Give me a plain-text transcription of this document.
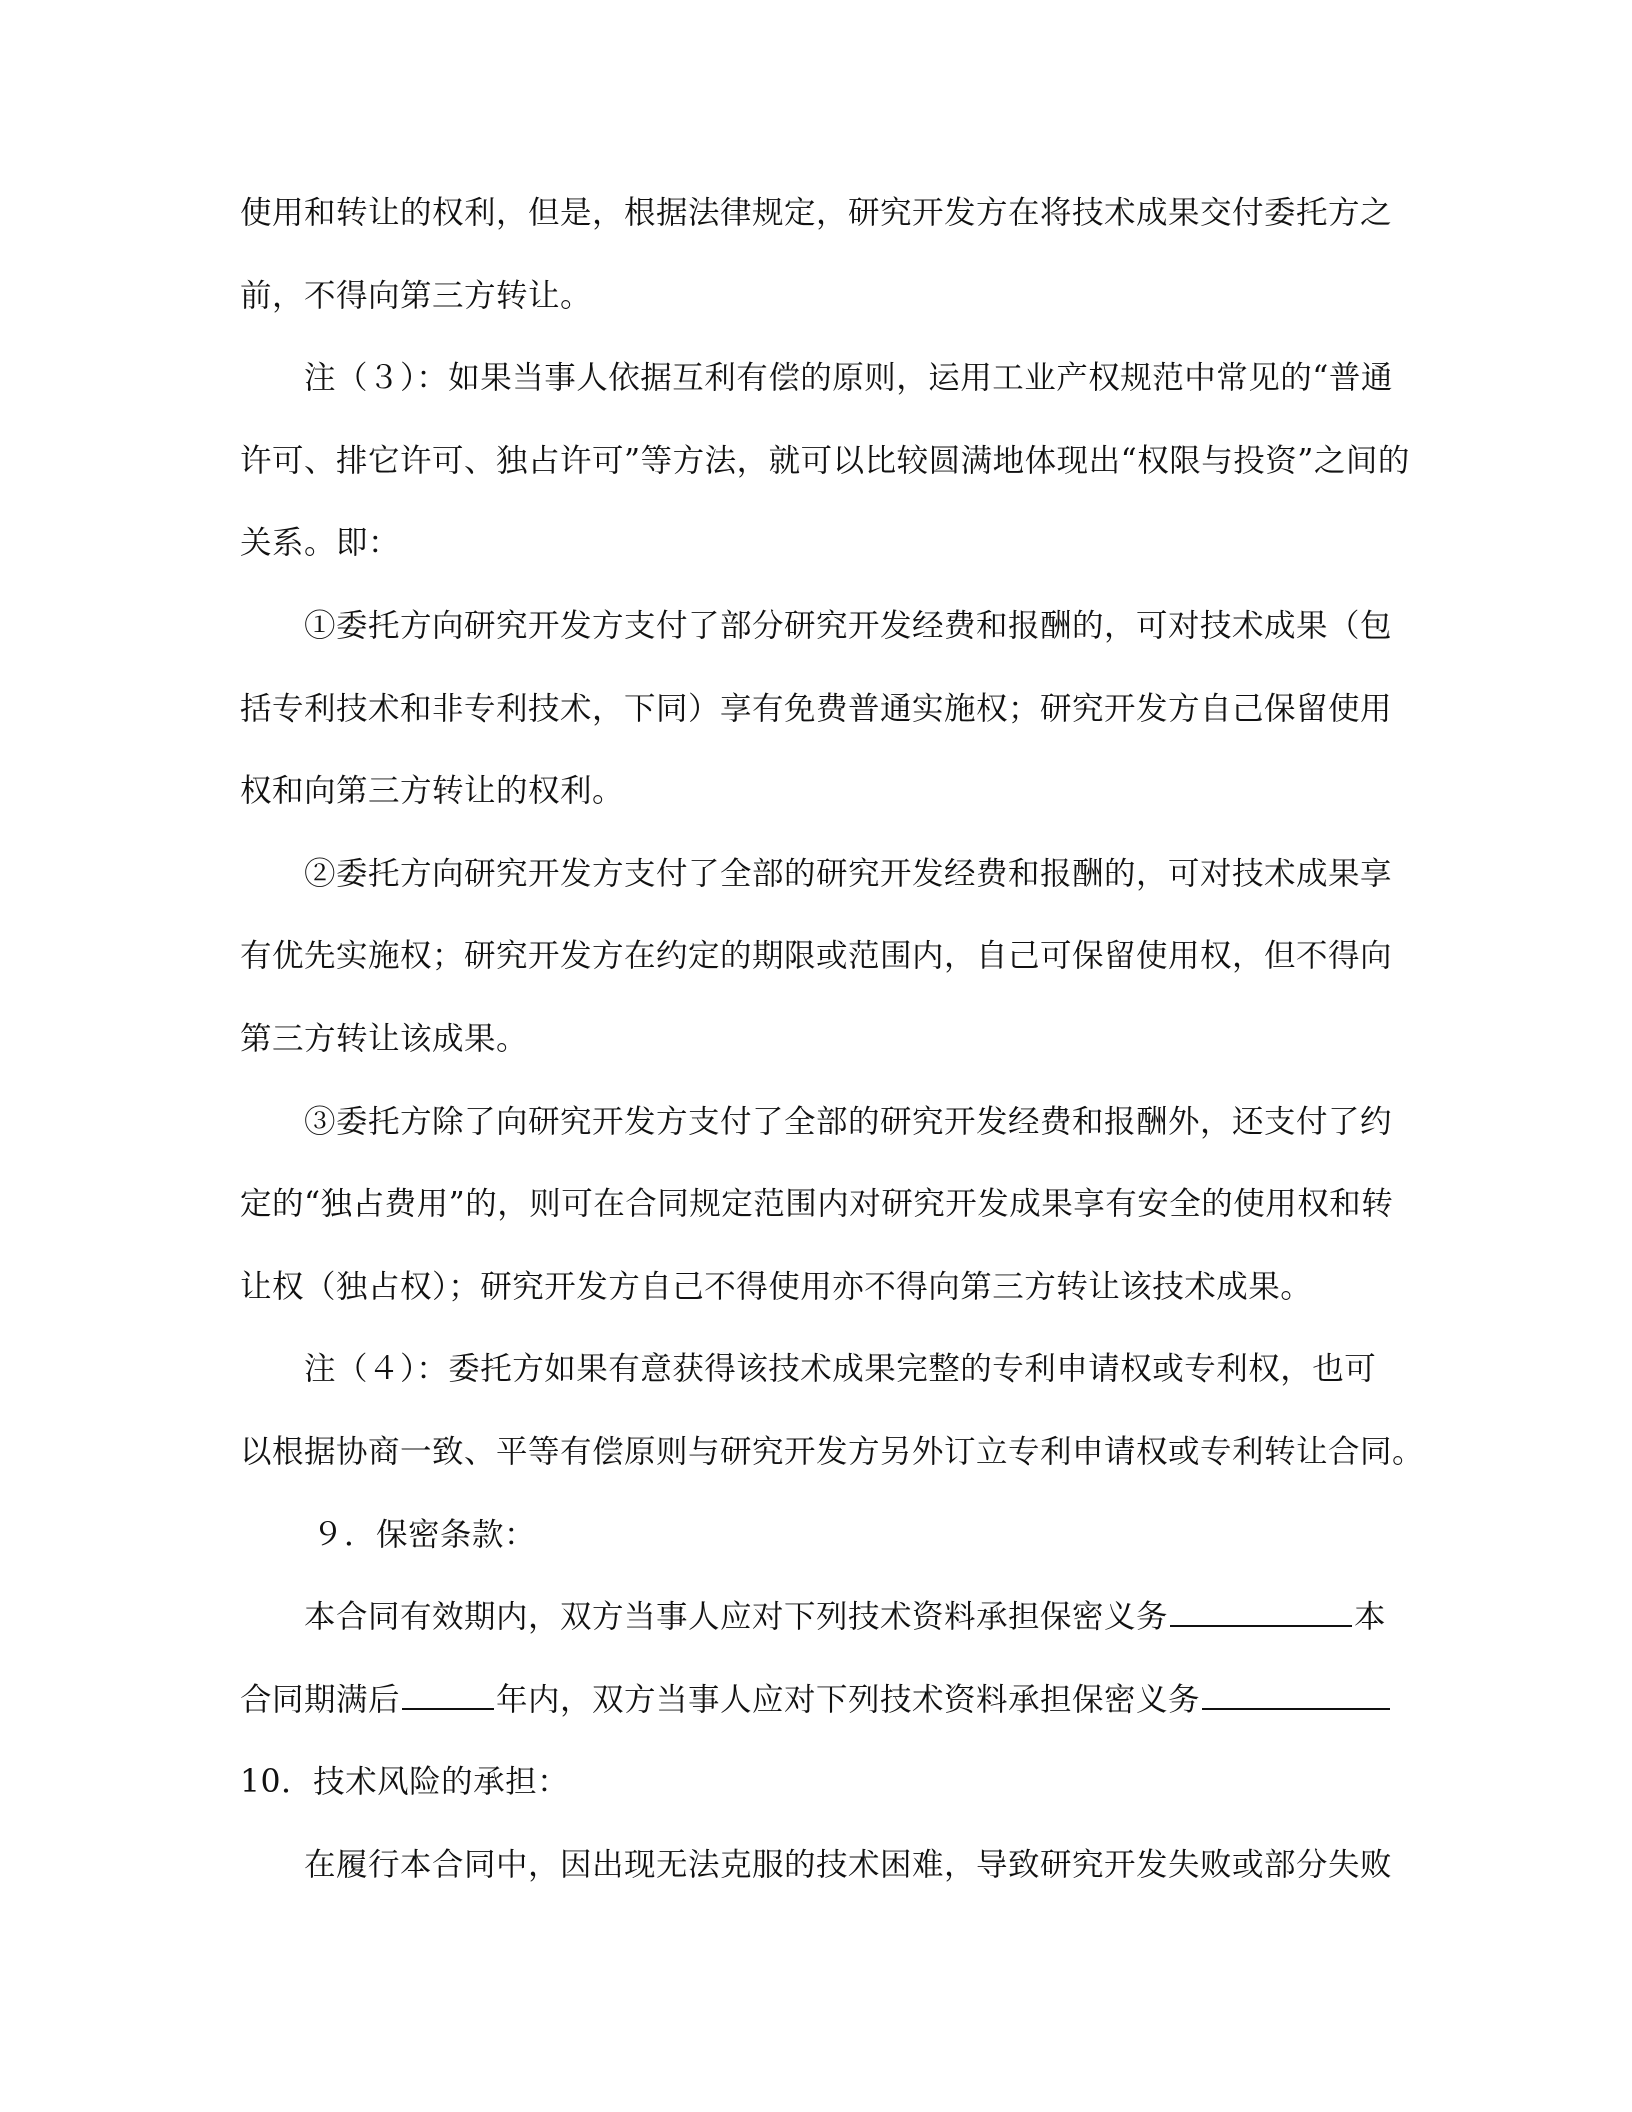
使用和转让的权利，但是，根据法律规定，研究开发方在将技术成果交付委托方之
前，不得向第三方转让。
注（３）：如果当事人依据互利有偿的原则，运用工业产权规范中常见的“普通
许可、排它许可、独占许可”等方法，就可以比较圆满地体现出“权限与投资”之间的
关系。即：
①委托方向研究开发方支付了部分研究开发经费和报酬的，可对技术成果（包
括专利技术和非专利技术，下同）享有免费普通实施权；研究开发方自己保留使用
权和向第三方转让的权利。
②委托方向研究开发方支付了全部的研究开发经费和报酬的，可对技术成果享
有优先实施权；研究开发方在约定的期限或范围内，自己可保留使用权，但不得向
第三方转让该成果。
③委托方除了向研究开发方支付了全部的研究开发经费和报酬外，还支付了约
定的“独占费用”的，则可在合同规定范围内对研究开发成果享有安全的使用权和转
让权（独占权）；研究开发方自己不得使用亦不得向第三方转让该技术成果。
注（４）：委托方如果有意获得该技术成果完整的专利申请权或专利权，也可
以根据协商一致、平等有偿原则与研究开发方另外订立专利申请权或专利转让合同。
９．保密条款：
本合同有效期内，双方当事人应对下列技术资料承担保密义务	本
合同期满后	年内，双方当事人应对下列技术资料承担保密义务
10．技术风险的承担：
在履行本合同中，因出现无法克服的技术困难，导致研究开发失败或部分失败
